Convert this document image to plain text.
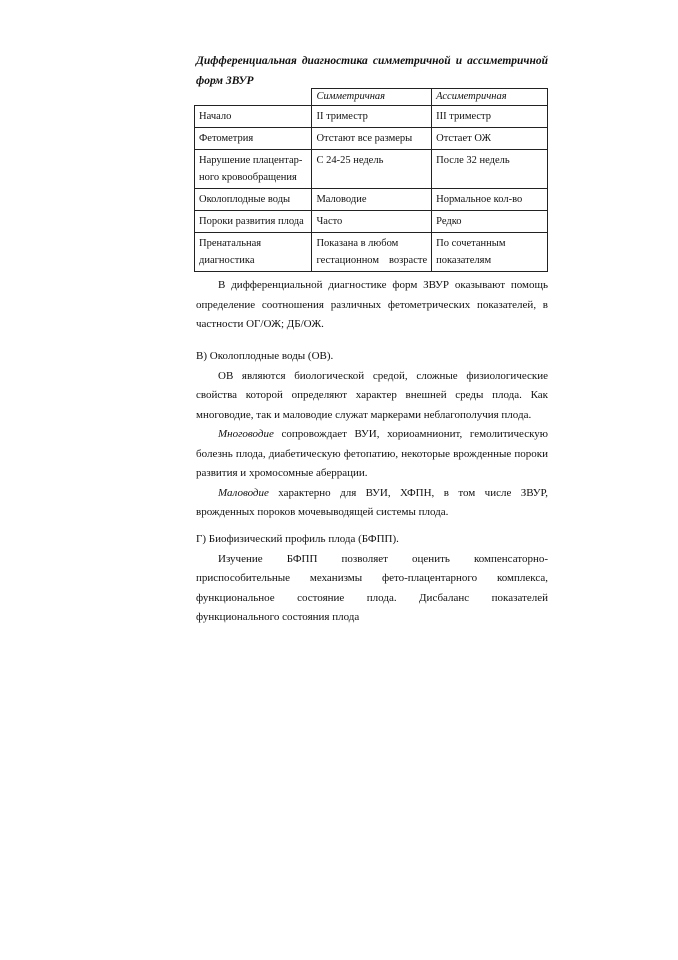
Дифференциальная диагностика симметричной и ассиметричной форм ЗВУР
	Симметричная	Ассиметричная
Начало	II триместр	III триместр
Фетометрия	Отстают все размеры	Отстает ОЖ
Нарушение плацентар-ного кровообращения	С 24-25 недель	После 32 недель
Околоплодные воды	Маловодие	Нормальное кол-во
Пороки развития плода	Часто	Редко
Пренатальная диагностика	Показана в любом гестационном возрасте	По сочетанным показателям

В дифференциальной диагностике форм ЗВУР оказывают помощь определение соотношения различных фетометрических показателей, в частности ОГ/ОЖ; ДБ/ОЖ.

В) Околоплодные воды (ОВ).

ОВ являются биологической средой, сложные физиологические свойства которой определяют характер внешней среды плода. Как многоводие, так и маловодие служат маркерами неблагополучия плода.

Многоводие сопровождает ВУИ, хориоамнионит, гемолитическую болезнь плода, диабетическую фетопатию, некоторые врожденные пороки развития и хромосомные аберрации.

Маловодие характерно для ВУИ, ХФПН, в том числе ЗВУР, врожденных пороков мочевыводящей системы плода.

Г) Биофизический профиль плода (БФПП).

Изучение БФПП позволяет оценить компенсаторно-приспособительные механизмы фето-плацентарного комплекса, функциональное состояние плода. Дисбаланс показателей функционального состояния плода
